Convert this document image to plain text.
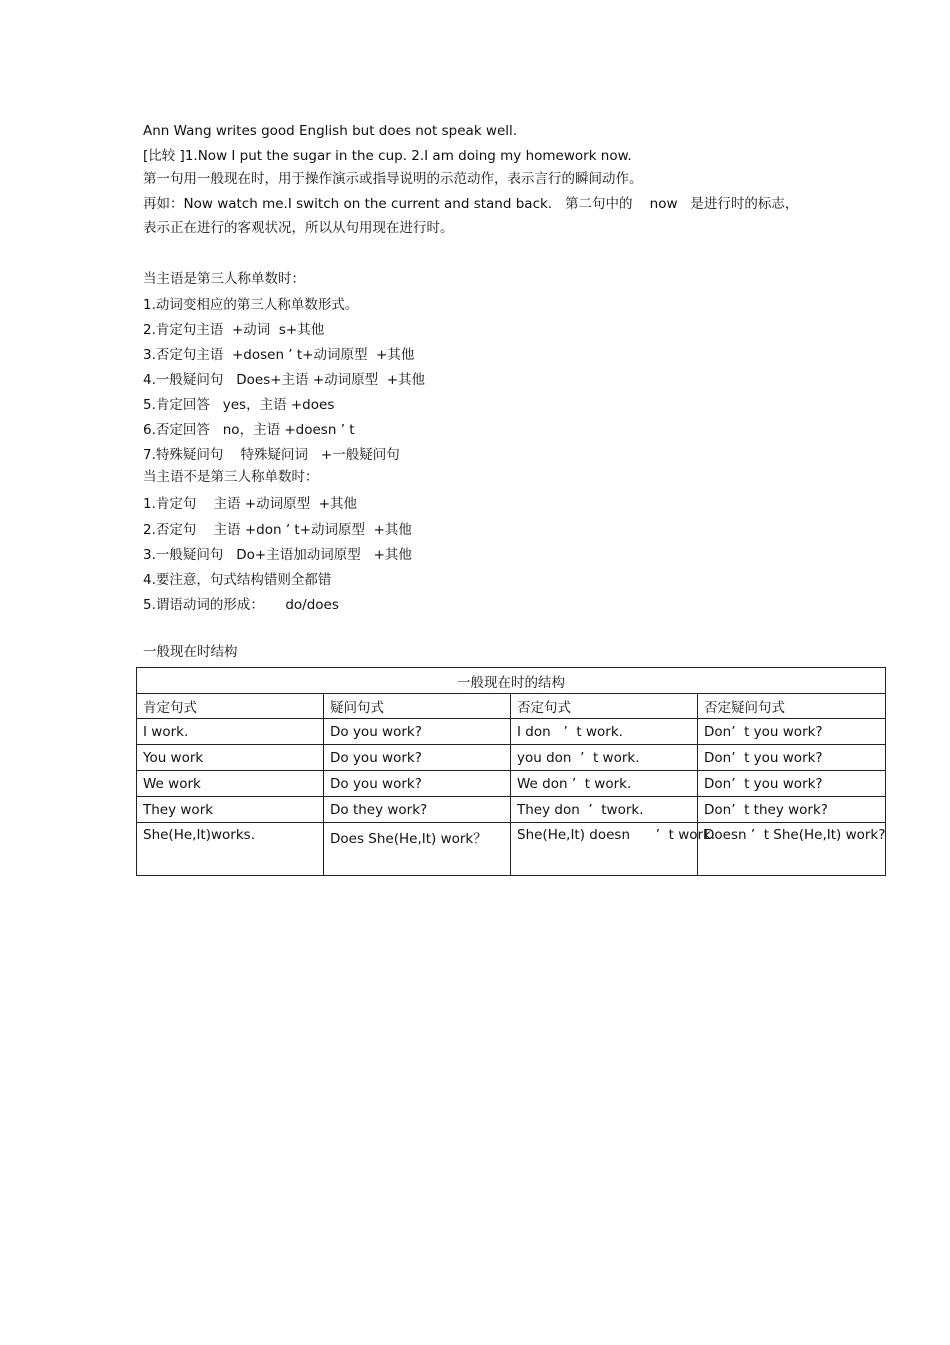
Ann Wang writes good English but does not speak well.
[比较 ]1.Now I put the sugar in the cup. 2.I am doing my homework now.
第一句用一般现在时，用于操作演示或指导说明的示范动作，表示言行的瞬间动作。
再如：Now watch me.I switch on the current and stand back.   第二句中的    now   是进行时的标志，
表示正在进行的客观状况，所以从句用现在进行时。
当主语是第三人称单数时：
1.动词变相应的第三人称单数形式。
2.肯定句主语  +动词  s+其他
3.否定句主语  +dosen ’ t+动词原型  +其他
4.一般疑问句   Does+主语 +动词原型  +其他
5.肯定回答   yes，主语 +does
6.否定回答   no，主语 +doesn ’ t
7.特殊疑问句    特殊疑问词   +一般疑问句
当主语不是第三人称单数时：
1.肯定句    主语 +动词原型  +其他
2.否定句    主语 +don ’ t+动词原型  +其他
3.一般疑问句   Do+主语加动词原型   +其他
4.要注意，句式结构错则全都错
5.谓语动词的形成：     do/does
一般现在时结构
一般现在时的结构			
肯定句式	疑问句式	否定句式	否定疑问句式
I work.	Do you work?	I don   ’  t work.	Don’  t you work?
You work	Do you work?	you don  ’  t work.	Don’  t you work?
We work	Do you work?	We don ’  t work.	Don’  t you work?
They work	Do they work?	They don  ’  twork.	Don’  t they work?
She(He,It)works.	Does She(He,It) work？	She(He,It) doesn      ’  t work.	Doesn ’  t She(He,It) work?
